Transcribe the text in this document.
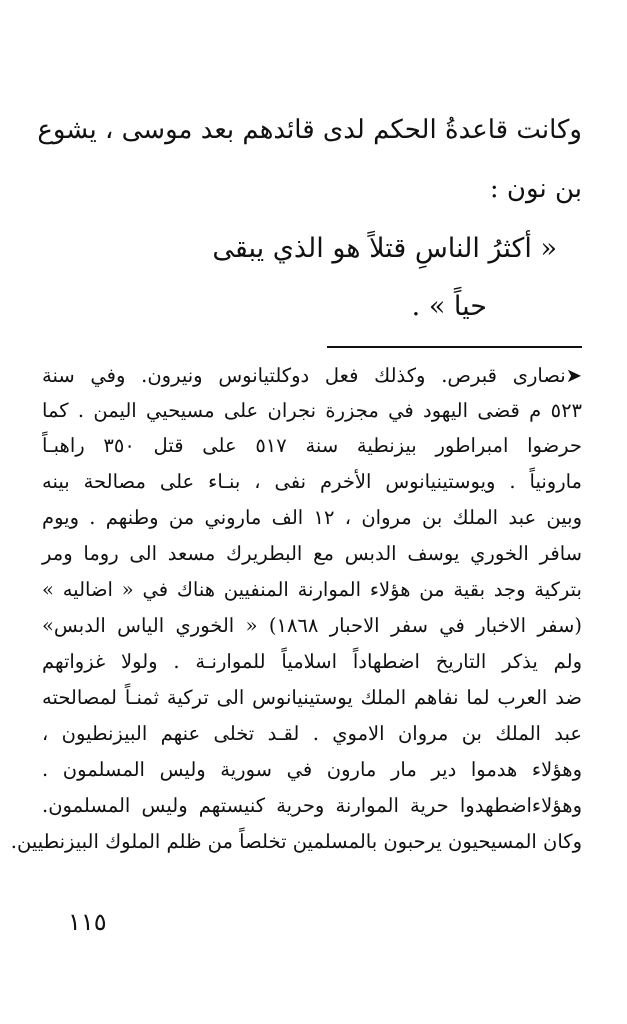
وكانت قاعدةُ الحكم لدى قائدهم بعد موسى ، يشوع
بن نون :
« أكثرُ الناسِ قتلاً هو الذي يبقى
حياً » .
➤نصارى قبرص. وكذلك فعل دوكلتيانوس ونيرون. وفي سنة
٥٢٣ م قضى اليهود في مجزرة نجران على مسيحيي اليمن . كما
حرضوا امبراطور بيزنطية سنة ٥١٧ على قتل ٣٥٠ راهبـاً
مارونياً . ويوستينيانوس الأخرم نفى ، بنـاء على مصالحة بينه
وبين عبد الملك بن مروان ، ١٢ الف ماروني من وطنهم . ويوم
سافر الخوري يوسف الدبس مع البطريرك مسعد الى روما ومر
بتركية وجد بقية من هؤلاء الموارنة المنفيين هناك في « اضاليه »
(سفر الاخبار في سفر الاحبار ١٨٦٨) « الخوري الياس الدبس»
ولم يذكر التاريخ اضطهاداً اسلامياً للموارنـة . ولولا غزواتهم
ضد العرب لما نفاهم الملك يوستينيانوس الى تركية ثمنـاً لمصالحته
عبد الملك بن مروان الاموي . لقـد تخلى عنهم البيزنطيون ،
وهؤلاء هدموا دير مار مارون في سورية وليس المسلمون .
وهؤلاءاضطهدوا حرية الموارنة وحرية كنيستهم وليس المسلمون.
وكان المسيحيون يرحبون بالمسلمين تخلصاً من ظلم الملوك البيزنطيين.
١١٥
